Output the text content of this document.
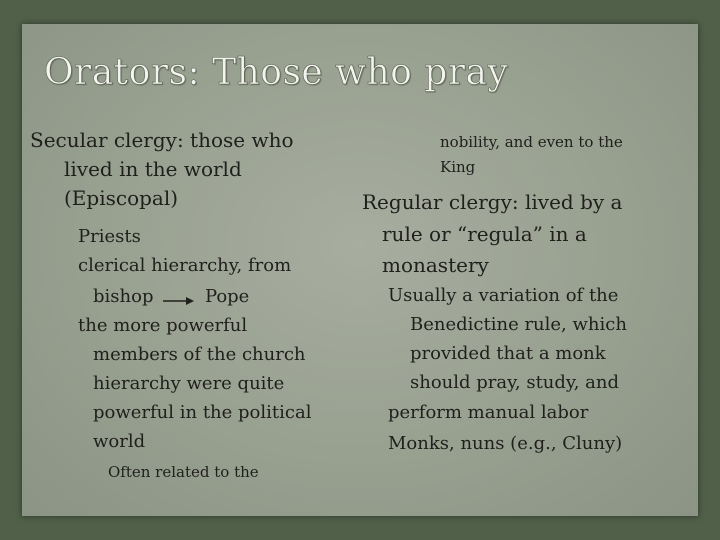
Orators: Those who pray
Secular clergy: those who
lived in the world
(Episcopal)
Priests
clerical hierarchy, from
bishop	Pope
the more powerful
members of the church
hierarchy were quite
powerful in the political
world
Often related to the
nobility, and even to the
King
Regular clergy: lived by a
rule or “regula” in a
monastery
Usually a variation of the
Benedictine rule, which
provided that a monk
should pray, study, and
perform manual labor
Monks, nuns (e.g., Cluny)
